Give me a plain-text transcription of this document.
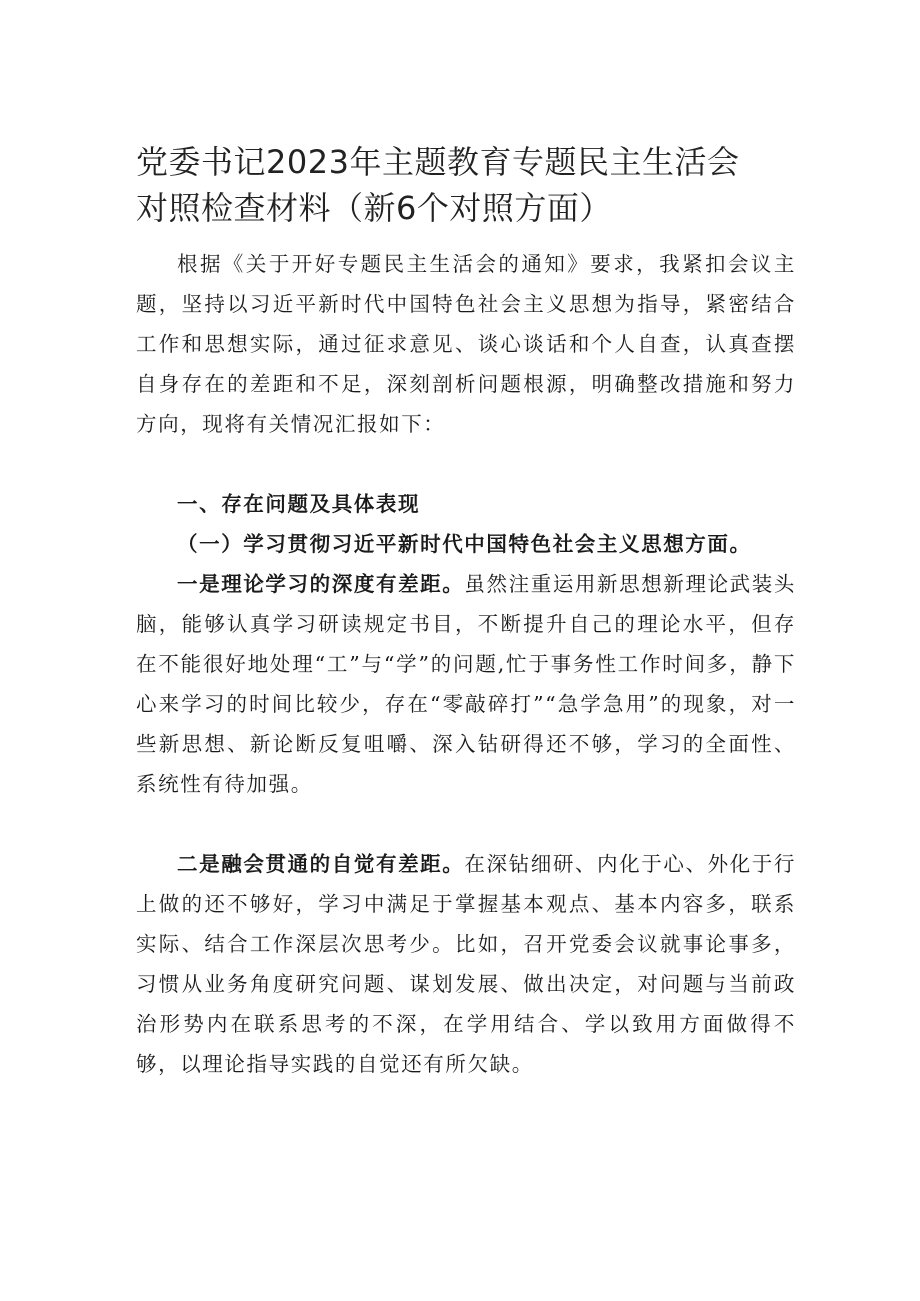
党委书记2023年主题教育专题民主生活会
对照检查材料（新6个对照方面）

根据《关于开好专题民主生活会的通知》要求，我紧扣会议主题，坚持以习近平新时代中国特色社会主义思想为指导，紧密结合工作和思想实际，通过征求意见、谈心谈话和个人自查，认真查摆自身存在的差距和不足，深刻剖析问题根源，明确整改措施和努力方向，现将有关情况汇报如下：

一、存在问题及具体表现

（一）学习贯彻习近平新时代中国特色社会主义思想方面。

一是理论学习的深度有差距。虽然注重运用新思想新理论武装头脑，能够认真学习研读规定书目，不断提升自己的理论水平，但存在不能很好地处理“工”与“学”的问题,忙于事务性工作时间多，静下心来学习的时间比较少，存在“零敲碎打”“急学急用”的现象，对一些新思想、新论断反复咀嚼、深入钻研得还不够，学习的全面性、系统性有待加强。

二是融会贯通的自觉有差距。在深钻细研、内化于心、外化于行上做的还不够好，学习中满足于掌握基本观点、基本内容多，联系实际、结合工作深层次思考少。比如，召开党委会议就事论事多，习惯从业务角度研究问题、谋划发展、做出决定，对问题与当前政治形势内在联系思考的不深，在学用结合、学以致用方面做得不够，以理论指导实践的自觉还有所欠缺。
